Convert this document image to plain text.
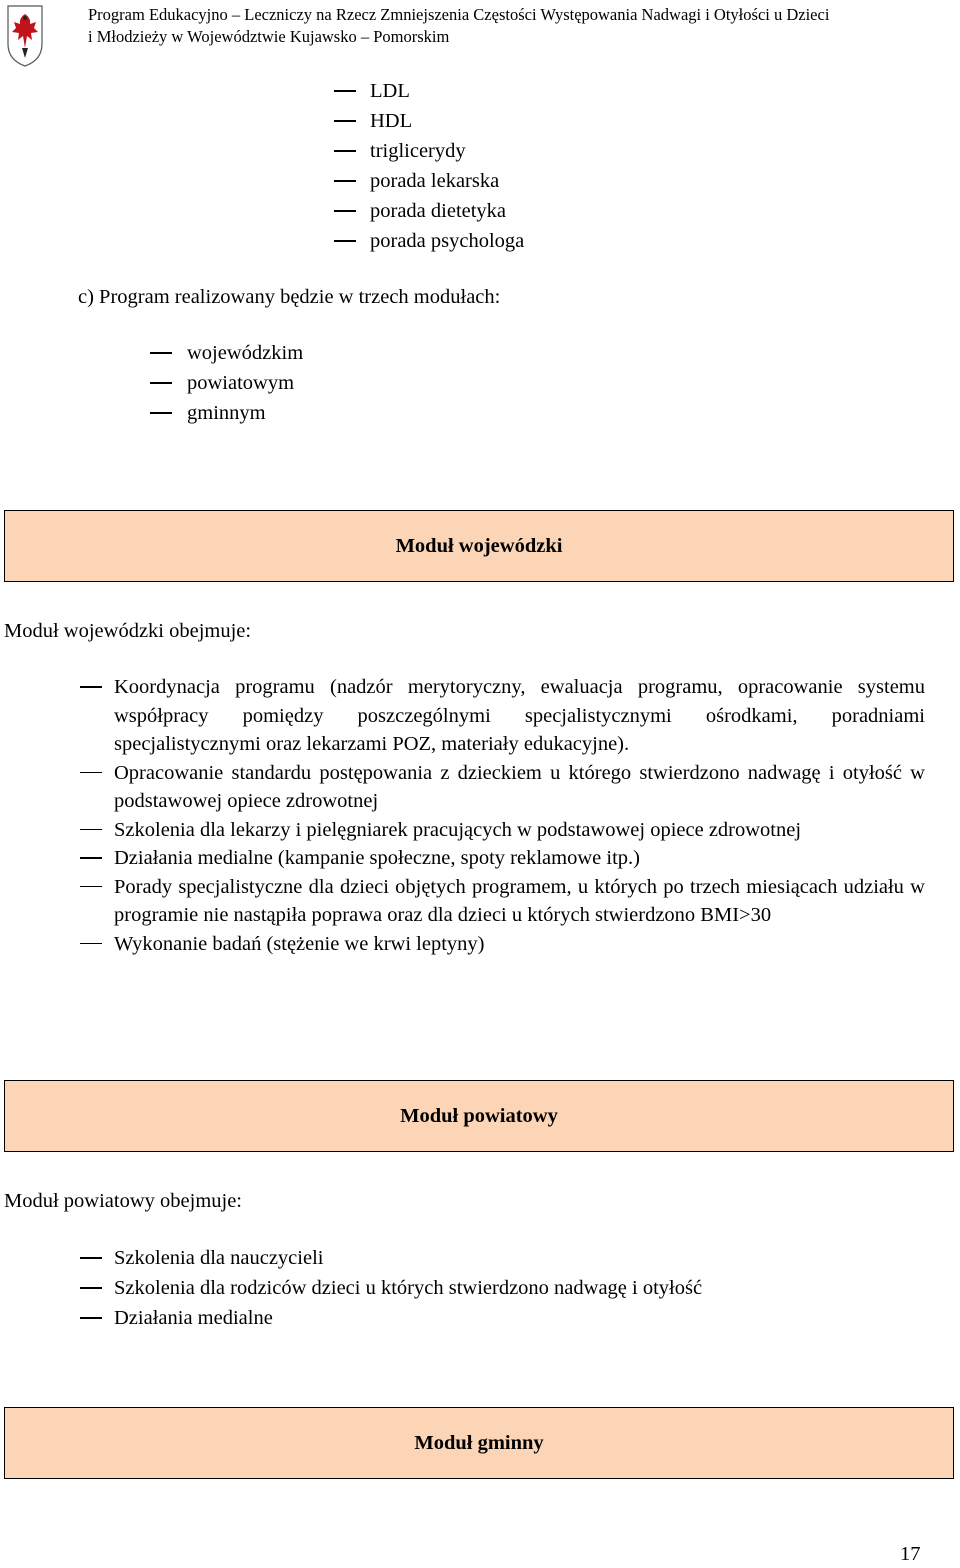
Program Edukacyjno – Leczniczy na Rzecz Zmniejszenia Częstości Występowania Nadwagi i Otyłości u Dzieci
i Młodzieży w Województwie Kujawsko – Pomorskim
LDL
HDL
triglicerydy
porada lekarska
porada dietetyka
porada psychologa
c) Program realizowany będzie w trzech modułach:
wojewódzkim
powiatowym
gminnym
Moduł wojewódzki
Moduł wojewódzki obejmuje:
Koordynacja programu (nadzór merytoryczny, ewaluacja programu, opracowanie systemu współpracy pomiędzy poszczególnymi specjalistycznymi ośrodkami, poradniami specjalistycznymi oraz lekarzami POZ, materiały edukacyjne).
Opracowanie standardu postępowania z dzieckiem u którego stwierdzono nadwagę i otyłość w podstawowej opiece zdrowotnej
Szkolenia dla lekarzy i pielęgniarek pracujących w podstawowej opiece zdrowotnej
Działania medialne (kampanie społeczne, spoty reklamowe itp.)
Porady specjalistyczne dla dzieci objętych programem, u których po trzech miesiącach udziału w programie nie nastąpiła poprawa oraz dla dzieci u których stwierdzono BMI>30
Wykonanie badań (stężenie we krwi leptyny)
Moduł powiatowy
Moduł powiatowy obejmuje:
Szkolenia dla nauczycieli
Szkolenia dla rodziców dzieci u których stwierdzono nadwagę i otyłość
Działania medialne
Moduł gminny
17
